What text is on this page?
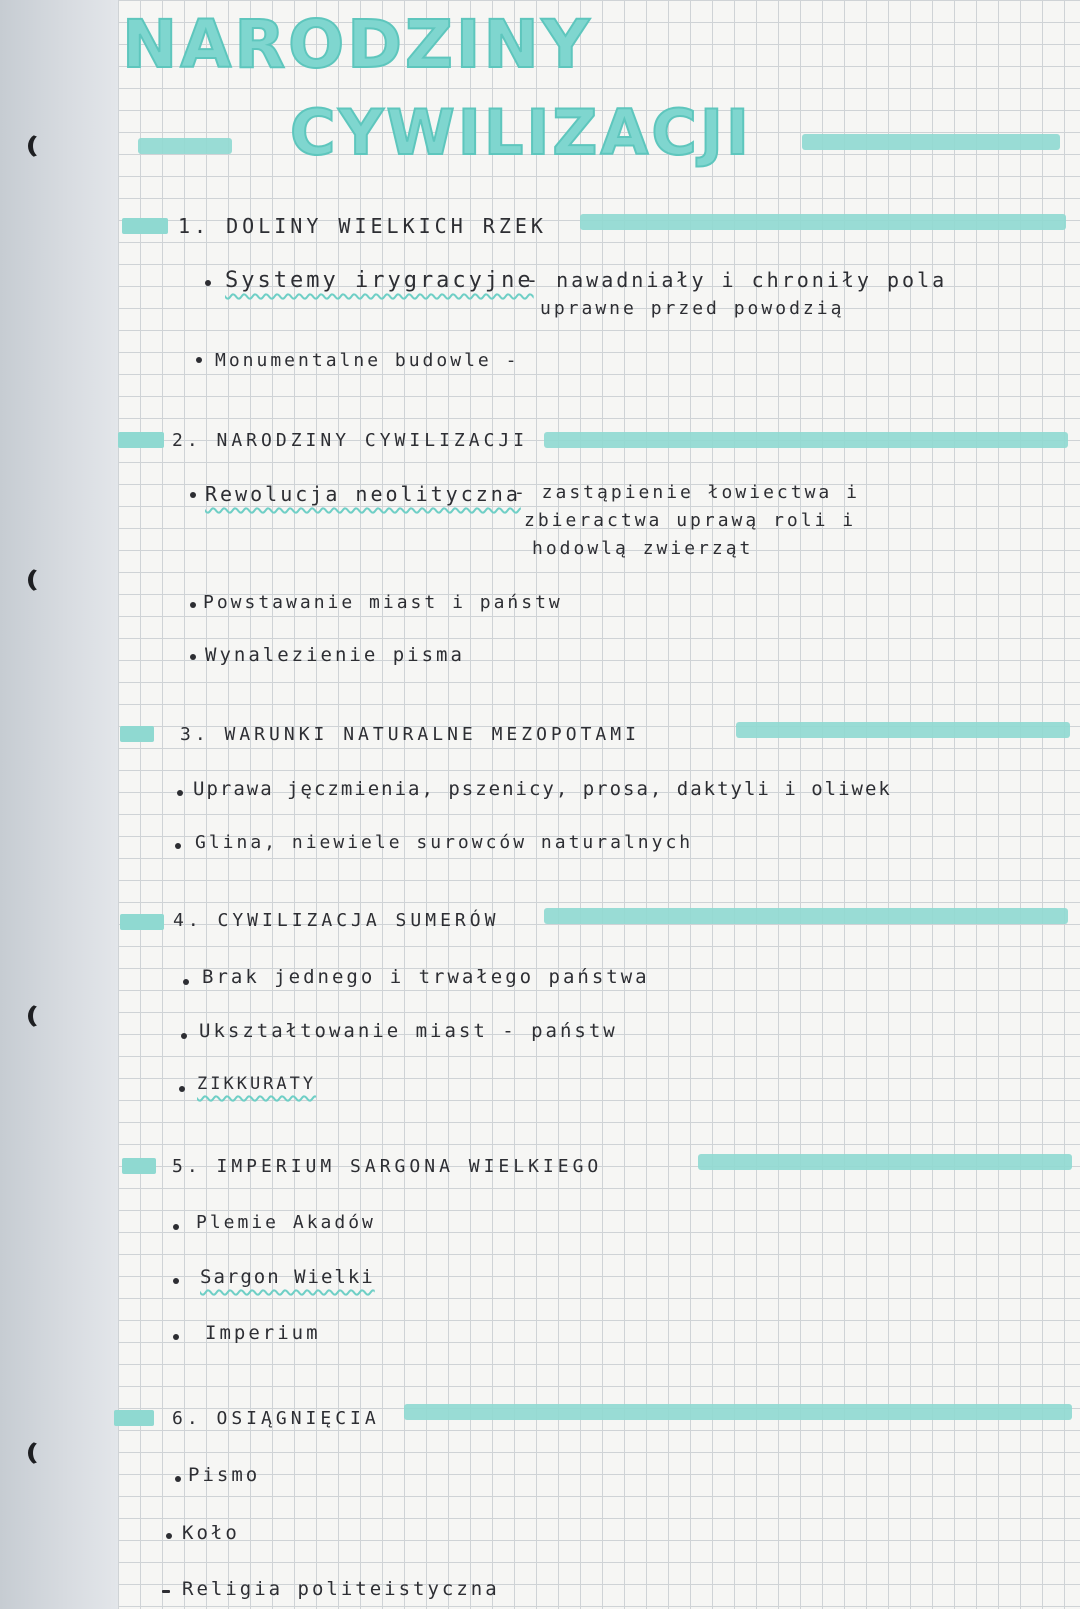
NARODZINY
CYWILIZACJI
1. DOLINY WIELKICH RZEK
Systemy irygracyjne
- nawadniały i chroniły pola
uprawne przed powodzią
Monumentalne budowle -
2. NARODZINY CYWILIZACJI
Rewolucja neolityczna
- zastąpienie łowiectwa i
zbieractwa uprawą roli i
hodowlą zwierząt
Powstawanie miast i państw
Wynalezienie pisma
3. WARUNKI NATURALNE MEZOPOTAMI
Uprawa jęczmienia, pszenicy, prosa, daktyli i oliwek
Glina, niewiele surowców naturalnych
4. CYWILIZACJA SUMERÓW
Brak jednego i trwałego państwa
Ukształtowanie miast - państw
ZIKKURATY
5. IMPERIUM SARGONA WIELKIEGO
Plemie Akadów
Sargon Wielki
Imperium
6. OSIĄGNIĘCIA
Pismo
Koło
Religia politeistyczna
